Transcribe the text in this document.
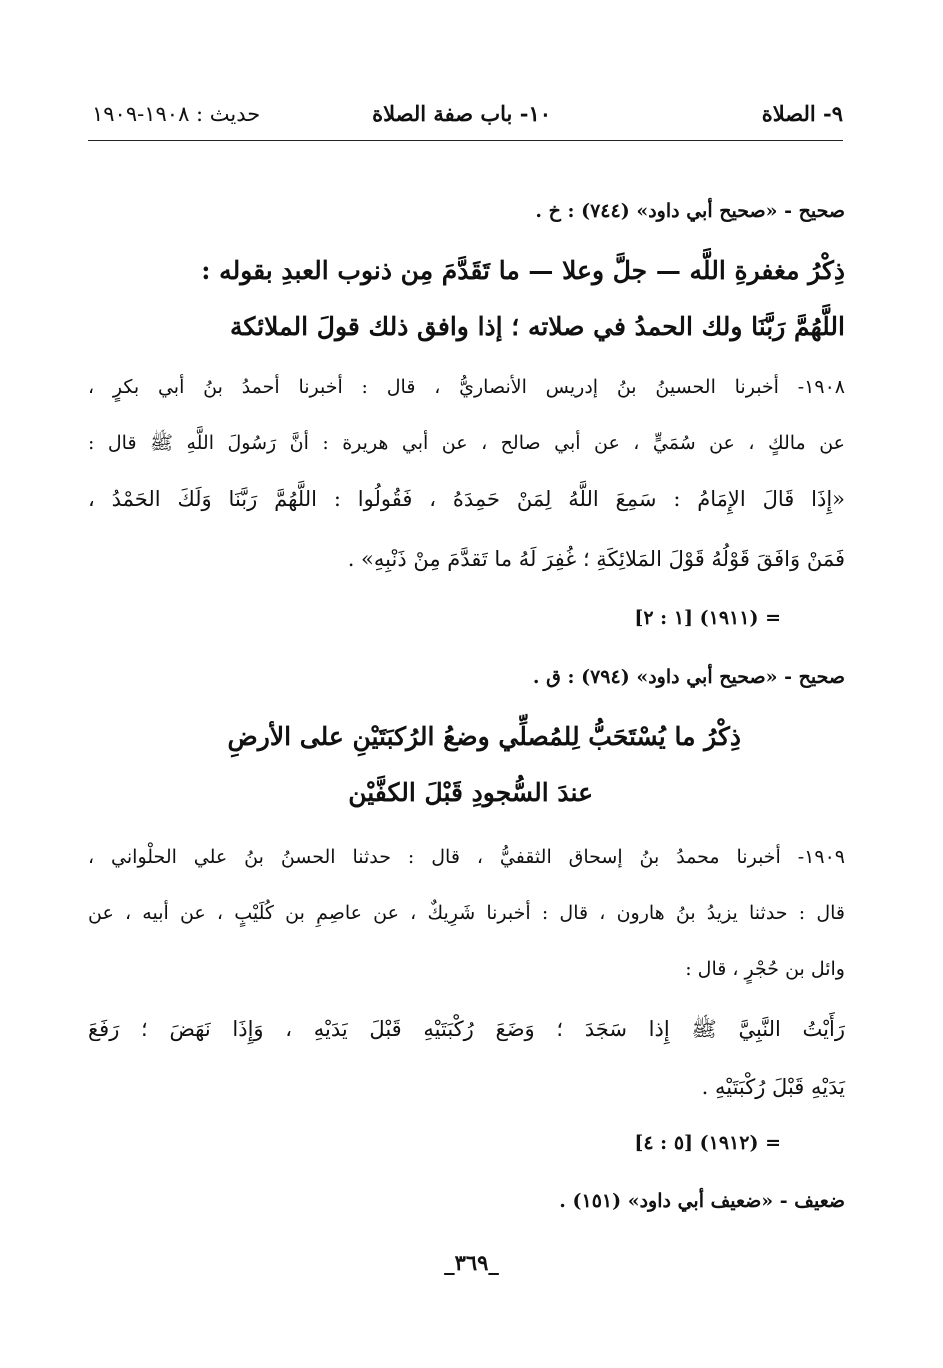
٩- الصلاة
١٠- باب صفة الصلاة
حديث : ١٩٠٨-١٩٠٩
صحيح - «صحيح أبي داود» (٧٤٤) : خ .
ذِكْرُ مغفرةِ اللَّه — جلَّ وعلا — ما تَقَدَّمَ مِن ذنوب العبدِ بقوله :
اللَّهُمَّ رَبَّنَا ولك الحمدُ في صلاته ؛ إذا وافق ذلك قولَ الملائكة
١٩٠٨- أخبرنا الحسينُ بنُ إدريس الأنصاريُّ ، قال : أخبرنا أحمدُ بنُ أبي بكرٍ ،
عن مالكٍ ، عن سُمَيٍّ ، عن أبي صالح ، عن أبي هريرة : أنَّ رَسُولَ اللَّهِ ﷺ قال :
«إِذَا قَالَ الإِمَامُ : سَمِعَ اللَّهُ لِمَنْ حَمِدَهُ ، فَقُولُوا : اللَّهُمَّ رَبَّنَا وَلَكَ الحَمْدُ ،
فَمَنْ وَافَقَ قَوْلُهُ قَوْلَ المَلائِكَةِ ؛ غُفِرَ لَهُ ما تَقدَّمَ مِنْ ذَنْبِهِ» .
= (١٩١١) [١ : ٢]
صحيح - «صحيح أبي داود» (٧٩٤) : ق .
ذِكْرُ ما يُسْتَحَبُّ لِلمُصلِّي وضعُ الرُكبَتَيْنِ على الأرضِ
عندَ السُّجودِ قَبْلَ الكفَّيْن
١٩٠٩- أخبرنا محمدُ بنُ إسحاق الثقفيُّ ، قال : حدثنا الحسنُ بنُ علي الحلْواني ،
قال : حدثنا يزيدُ بنُ هارون ، قال : أخبرنا شَرِيكٌ ، عن عاصِمِ بن كُلَيْبٍ ، عن أبيه ، عن
وائل بن حُجْرٍ ، قال :
رَأَيْتُ النَّبِيَّ ﷺ إِذا سَجَدَ ؛ وَضَعَ رُكْبَتَيْهِ قَبْلَ يَدَيْهِ ، وَإِذَا نَهَضَ ؛ رَفَعَ
يَدَيْهِ قَبْلَ رُكْبَتَيْهِ .
= (١٩١٢) [٥ : ٤]
ضعيف - «ضعيف أبي داود» (١٥١) .
_٣٦٩_
